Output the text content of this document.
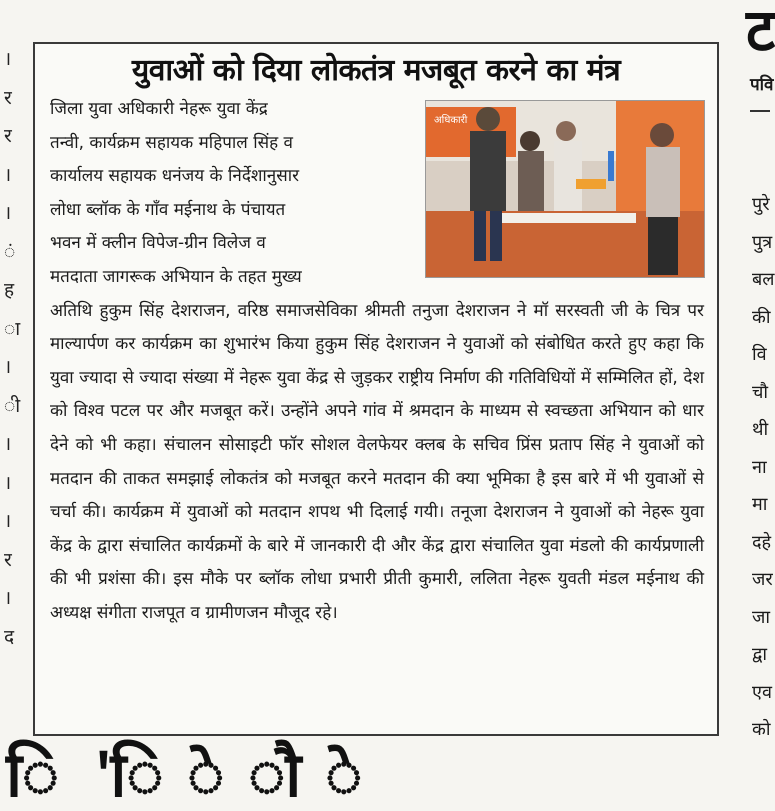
।
र
र
।
।
ं
ह
ा
।
ी
।
।
।
र
।
द
युवाओं को दिया लोकतंत्र मजबूत करने का मंत्र
जिला युवा अधिकारी नेहरू युवा केंद्र
तन्वी, कार्यक्रम सहायक महिपाल सिंह व
कार्यालय सहायक धनंजय के निर्देशानुसार
लोधा ब्लॉक के गाँव मईनाथ के पंचायत
भवन में क्लीन विपेज-ग्रीन विलेज व
मतदाता जागरूक अभियान के तहत मुख्य

अतिथि हुकुम सिंह देशराजन, वरिष्ठ समाजसेविका श्रीमती तनुजा देशराजन ने मॉ सरस्वती जी के चित्र पर माल्यार्पण कर कार्यक्रम का शुभारंभ किया हुकुम सिंह देशराजन ने युवाओं को संबोधित करते हुए कहा कि युवा ज्यादा से ज्यादा संख्या में नेहरू युवा केंद्र से जुड़कर राष्ट्रीय निर्माण की गतिविधियों में सम्मिलित हों, देश को विश्व पटल पर और मजबूत करें। उन्होंने अपने गांव में श्रमदान के माध्यम से स्वच्छता अभियान को धार देने को भी कहा। संचालन सोसाइटी फॉर सोशल वेलफेयर क्लब के सचिव प्रिंस प्रताप सिंह ने युवाओं को मतदान की ताकत समझाई लोकतंत्र को मजबूत करने मतदान की क्या भूमिका है इस बारे में भी युवाओं से चर्चा की। कार्यक्रम में युवाओं को मतदान शपथ भी दिलाई गयी। तनूजा देशराजन ने युवाओं को नेहरू युवा केंद्र के द्वारा संचालित कार्यक्रमों के बारे में जानकारी दी और केंद्र द्वारा संचालित युवा मंडलो की कार्यप्रणाली की भी प्रशंसा की। इस मौके पर ब्लॉक लोधा प्रभारी प्रीती कुमारी, ललिता नेहरू युवती मंडल मईनाथ की अध्यक्ष संगीता राजपूत व ग्रामीणजन मौजूद रहे।

अधिकारी
ट
पवि
पुरे
पुत्र
बल
की
वि
चौ
थी
ना
मा
दहे
जर
जा
द्वा
एव
को
ि 'ि े ौ े
